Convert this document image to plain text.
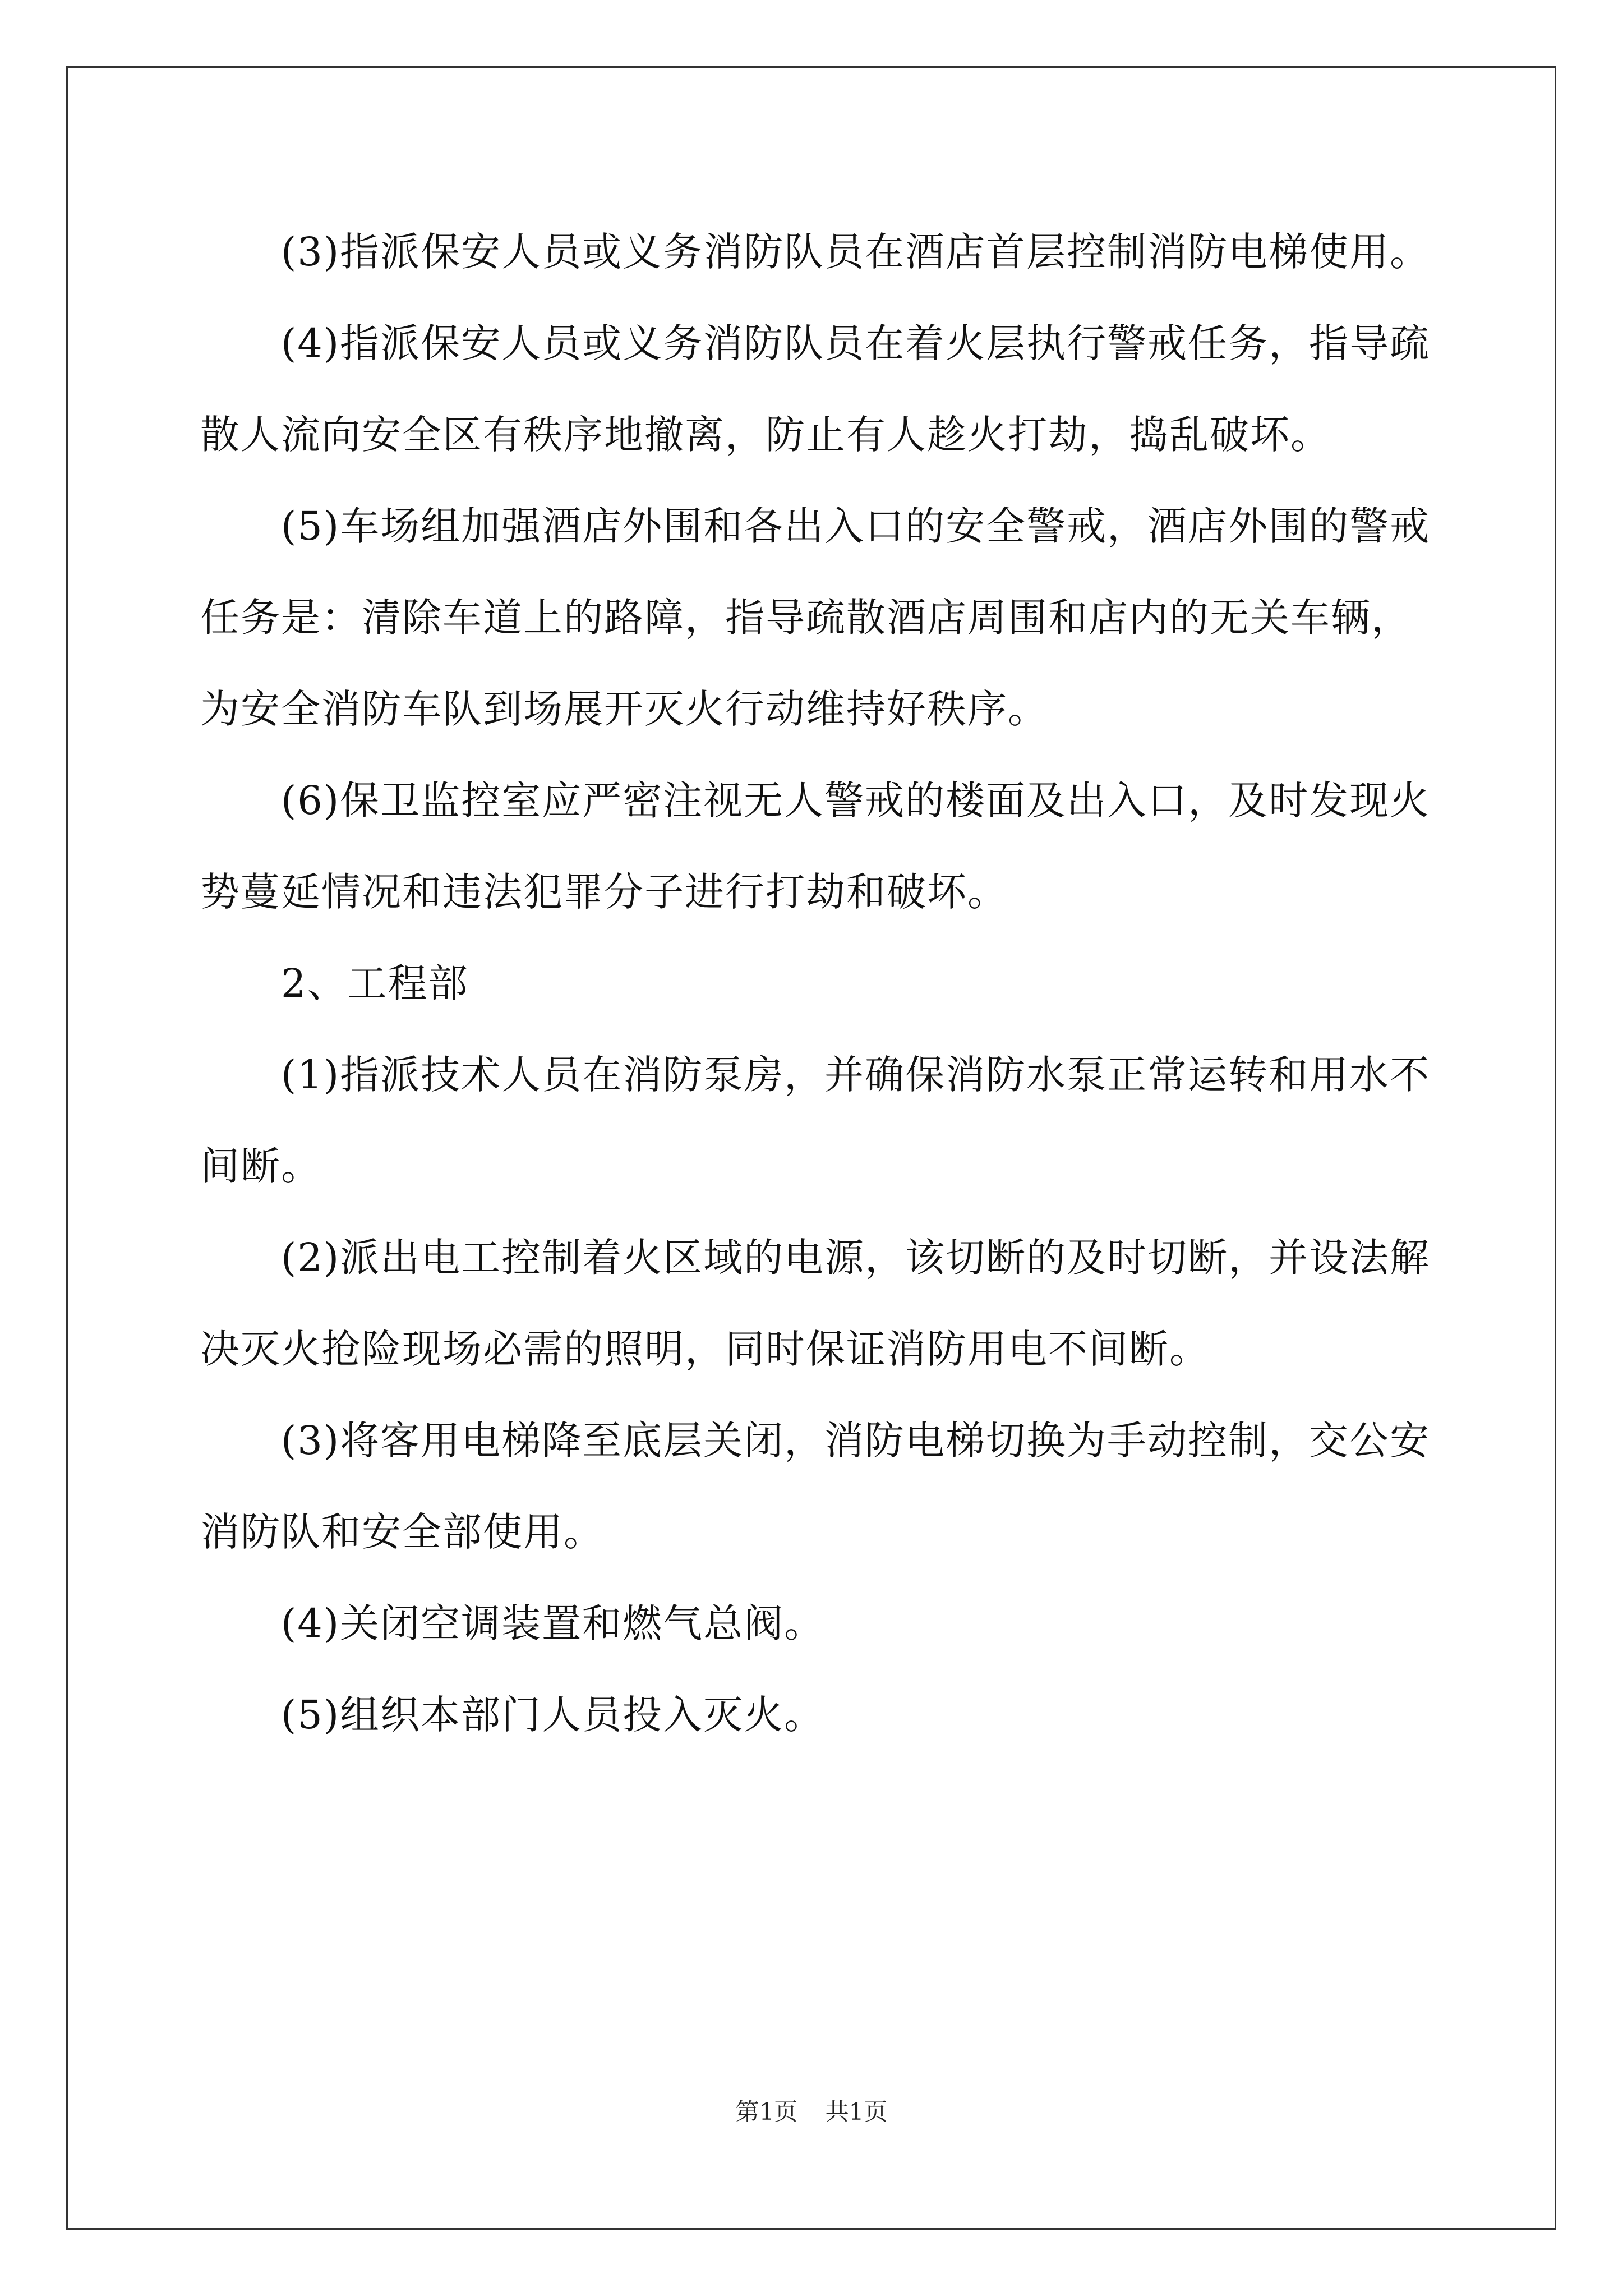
(3)指派保安人员或义务消防队员在酒店首层控制消防电梯使用。

(4)指派保安人员或义务消防队员在着火层执行警戒任务，指导疏散人流向安全区有秩序地撤离，防止有人趁火打劫，捣乱破坏。

(5)车场组加强酒店外围和各出入口的安全警戒，酒店外围的警戒任务是：清除车道上的路障，指导疏散酒店周围和店内的无关车辆，为安全消防车队到场展开灭火行动维持好秩序。

(6)保卫监控室应严密注视无人警戒的楼面及出入口，及时发现火势蔓延情况和违法犯罪分子进行打劫和破坏。

2、工程部

(1)指派技术人员在消防泵房，并确保消防水泵正常运转和用水不间断。

(2)派出电工控制着火区域的电源，该切断的及时切断，并设法解决灭火抢险现场必需的照明，同时保证消防用电不间断。

(3)将客用电梯降至底层关闭，消防电梯切换为手动控制，交公安消防队和安全部使用。

(4)关闭空调装置和燃气总阀。

(5)组织本部门人员投入灭火。

第1页 共1页
